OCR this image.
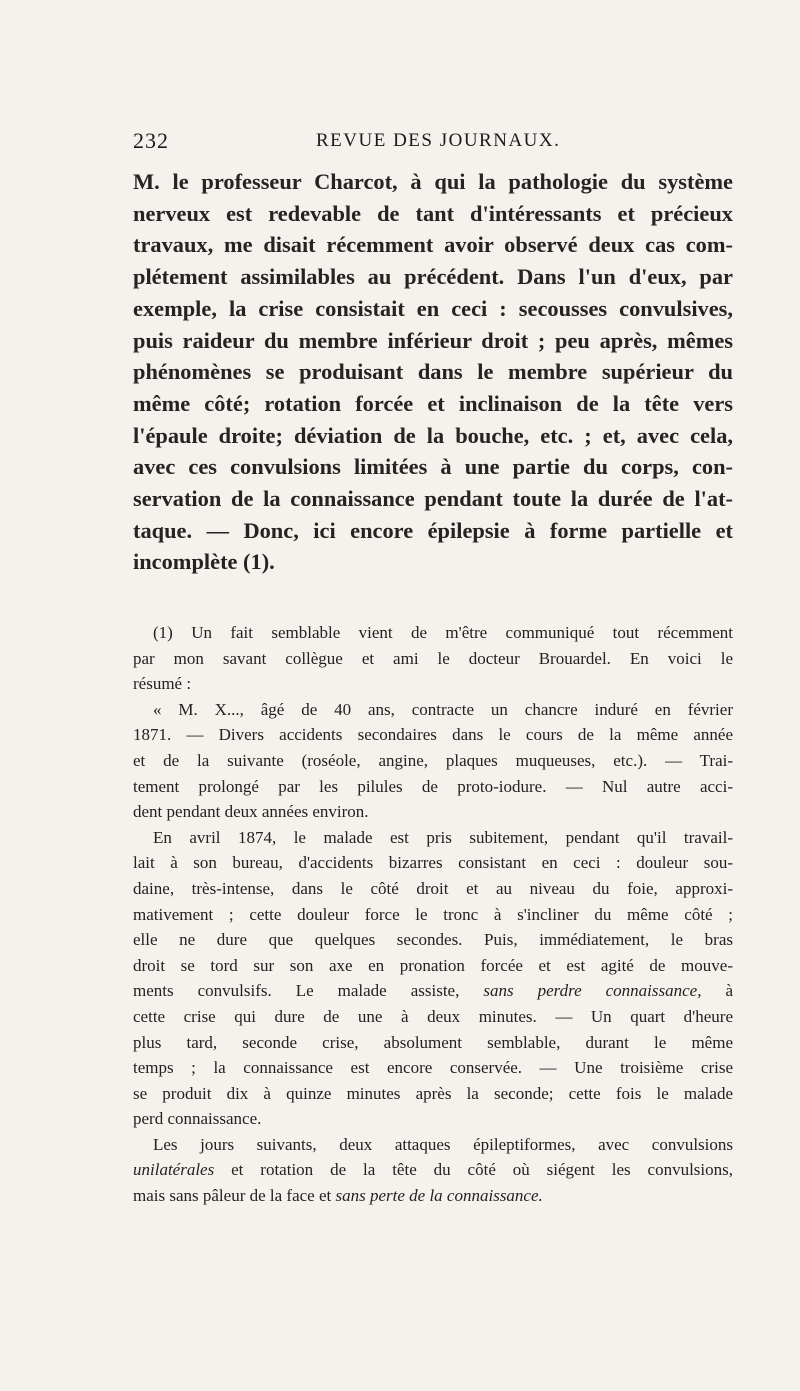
232	REVUE DES JOURNAUX.
M. le professeur Charcot, à qui la pathologie du système
nerveux est redevable de tant d'intéressants et précieux
travaux, me disait récemment avoir observé deux cas com-
plétement assimilables au précédent. Dans l'un d'eux, par
exemple, la crise consistait en ceci : secousses convulsives,
puis raideur du membre inférieur droit ; peu après, mêmes
phénomènes se produisant dans le membre supérieur du
même côté; rotation forcée et inclinaison de la tête vers
l'épaule droite; déviation de la bouche, etc. ; et, avec cela,
avec ces convulsions limitées à une partie du corps, con-
servation de la connaissance pendant toute la durée de l'at-
taque. — Donc, ici encore épilepsie à forme partielle et
incomplète (1).
(1) Un fait semblable vient de m'être communiqué tout récemment
par mon savant collègue et ami le docteur Brouardel. En voici le
résumé :
« M. X..., âgé de 40 ans, contracte un chancre induré en février
1871. — Divers accidents secondaires dans le cours de la même année
et de la suivante (roséole, angine, plaques muqueuses, etc.). — Trai-
tement prolongé par les pilules de proto-iodure. — Nul autre acci-
dent pendant deux années environ.
En avril 1874, le malade est pris subitement, pendant qu'il travail-
lait à son bureau, d'accidents bizarres consistant en ceci : douleur sou-
daine, très-intense, dans le côté droit et au niveau du foie, approxi-
mativement ; cette douleur force le tronc à s'incliner du même côté ;
elle ne dure que quelques secondes. Puis, immédiatement, le bras
droit se tord sur son axe en pronation forcée et est agité de mouve-
ments convulsifs. Le malade assiste, sans perdre connaissance, à
cette crise qui dure de une à deux minutes. — Un quart d'heure
plus tard, seconde crise, absolument semblable, durant le même
temps ; la connaissance est encore conservée. — Une troisième crise
se produit dix à quinze minutes après la seconde; cette fois le malade
perd connaissance.
Les jours suivants, deux attaques épileptiformes, avec convulsions
unilatérales et rotation de la tête du côté où siégent les convulsions,
mais sans pâleur de la face et sans perte de la connaissance.
